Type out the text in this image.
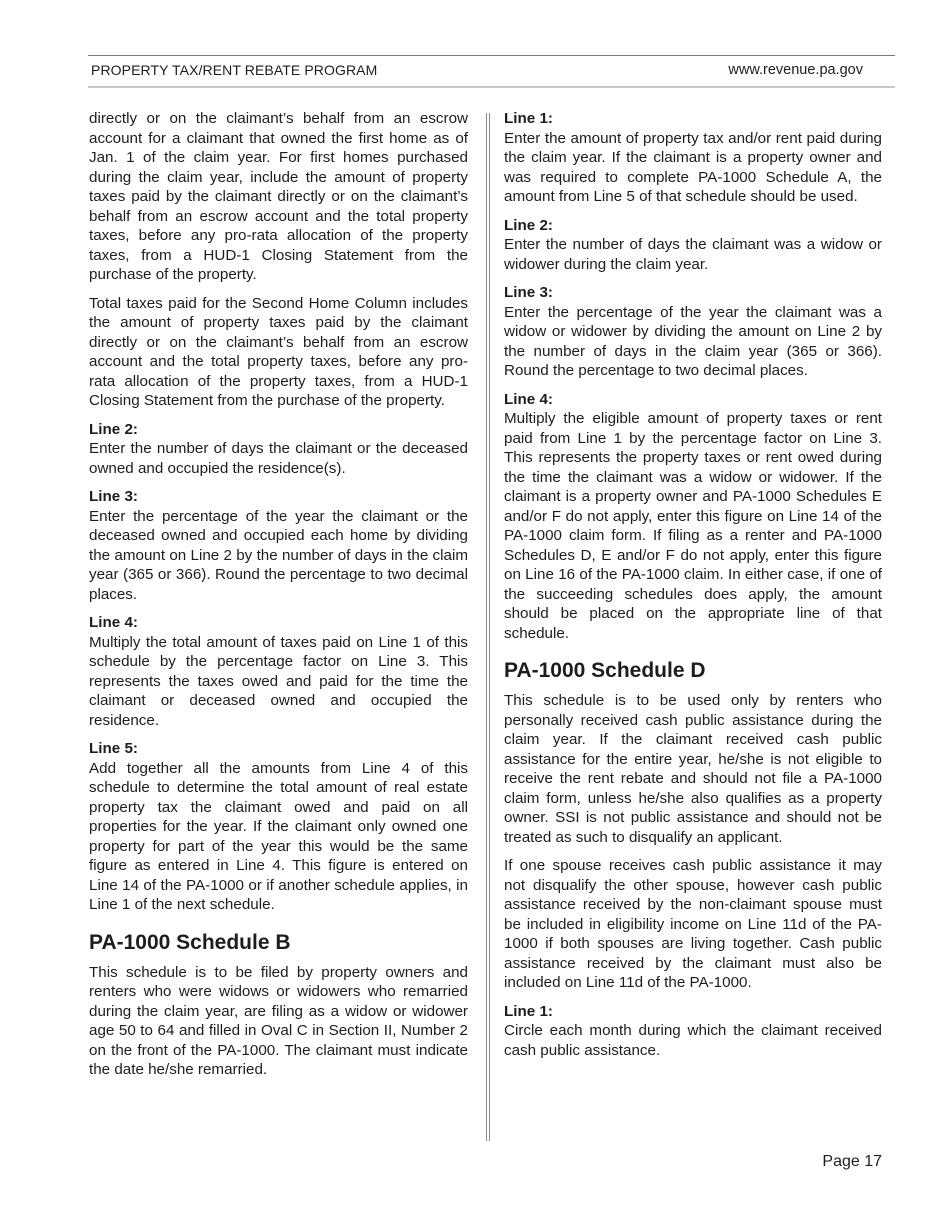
PROPERTY TAX/RENT REBATE PROGRAM	www.revenue.pa.gov

directly or on the claimant’s behalf from an escrow account for a claimant that owned the first home as of Jan. 1 of the claim year. For first homes purchased during the claim year, include the amount of property taxes paid by the claimant directly or on the claimant’s behalf from an escrow account and the total property taxes, before any pro-rata allocation of the property taxes, from a HUD-1 Closing Statement from the purchase of the property.

Total taxes paid for the Second Home Column includes the amount of property taxes paid by the claimant directly or on the claimant’s behalf from an escrow account and the total property taxes, before any pro-rata allocation of the property taxes, from a HUD-1 Closing Statement from the purchase of the property.

Line 2:

Enter the number of days the claimant or the deceased owned and occupied the residence(s).

Line 3:

Enter the percentage of the year the claimant or the deceased owned and occupied each home by dividing the amount on Line 2 by the number of days in the claim year (365 or 366). Round the percentage to two decimal places.

Line 4:

Multiply the total amount of taxes paid on Line 1 of this schedule by the percentage factor on Line 3. This represents the taxes owed and paid for the time the claimant or deceased owned and occupied the residence.

Line 5:

Add together all the amounts from Line 4 of this schedule to determine the total amount of real estate property tax the claimant owed and paid on all properties for the year. If the claimant only owned one property for part of the year this would be the same figure as entered in Line 4. This figure is entered on Line 14 of the PA-1000 or if another schedule applies, in Line 1 of the next schedule.

PA-1000 Schedule B

This schedule is to be filed by property owners and renters who were widows or widowers who remarried during the claim year, are filing as a widow or widower age 50 to 64 and filled in Oval C in Section II, Number 2 on the front of the PA-1000. The claimant must indicate the date he/she remarried.

Line 1:

Enter the amount of property tax and/or rent paid during the claim year. If the claimant is a property owner and was required to complete PA-1000 Schedule A, the amount from Line 5 of that schedule should be used.

Line 2:

Enter the number of days the claimant was a widow or widower during the claim year.

Line 3:

Enter the percentage of the year the claimant was a widow or widower by dividing the amount on Line 2 by the number of days in the claim year (365 or 366). Round the percentage to two decimal places.

Line 4:

Multiply the eligible amount of property taxes or rent paid from Line 1 by the percentage factor on Line 3. This represents the property taxes or rent owed during the time the claimant was a widow or widower. If the claimant is a property owner and PA-1000 Schedules E and/or F do not apply, enter this figure on Line 14 of the PA-1000 claim form. If filing as a renter and PA-1000 Schedules D, E and/or F do not apply, enter this figure on Line 16 of the PA-1000 claim. In either case, if one of the succeeding schedules does apply, the amount should be placed on the appropriate line of that schedule.

PA-1000 Schedule D

This schedule is to be used only by renters who personally received cash public assistance during the claim year. If the claimant received cash public assistance for the entire year, he/she is not eligible to receive the rent rebate and should not file a PA-1000 claim form, unless he/she also qualifies as a property owner. SSI is not public assistance and should not be treated as such to disqualify an applicant.

If one spouse receives cash public assistance it may not disqualify the other spouse, however cash public assistance received by the non-claimant spouse must be included in eligibility income on Line 11d of the PA-1000 if both spouses are living together. Cash public assistance received by the claimant must also be included on Line 11d of the PA-1000.

Line 1:

Circle each month during which the claimant received cash public assistance.

Page 17
